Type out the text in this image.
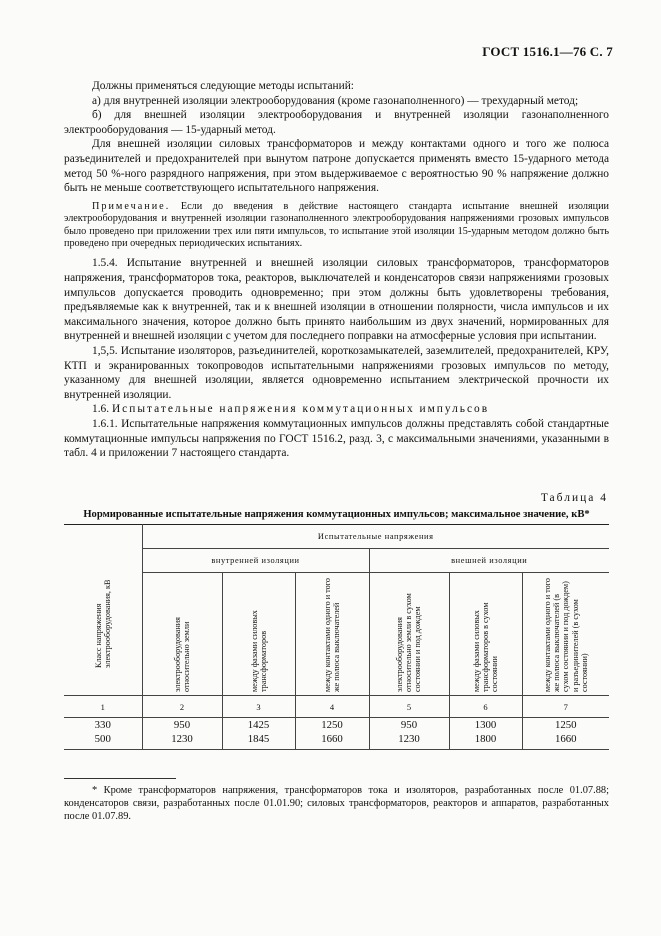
ГОСТ 1516.1—76 С. 7

Должны применяться следующие методы испытаний:

а) для внутренней изоляции электрооборудования (кроме газонаполненного) — трехударный метод;

б) для внешней изоляции электрооборудования и внутренней изоляции газонаполненного электрооборудования — 15-ударный метод.

Для внешней изоляции силовых трансформаторов и между контактами одного и того же полюса разъединителей и предохранителей при вынутом патроне допускается применять вместо 15-ударного метода метод 50 %-ного разрядного напряжения, при этом выдерживаемое с вероятностью 90 % напряжение должно быть не меньше соответствующего испытательного напряжения.

Примечание. Если до введения в действие настоящего стандарта испытание внешней изоляции электрооборудования и внутренней изоляции газонаполненного электрооборудования напряжениями грозовых импульсов было проведено при приложении трех или пяти импульсов, то испытание этой изоляции 15-ударным методом должно быть проведено при очередных периодических испытаниях.

1.5.4. Испытание внутренней и внешней изоляции силовых трансформаторов, трансформаторов напряжения, трансформаторов тока, реакторов, выключателей и конденсаторов связи напряжениями грозовых импульсов допускается проводить одновременно; при этом должны быть удовлетворены требования, предъявляемые как к внутренней, так и к внешней изоляции в отношении полярности, числа импульсов и их максимального значения, которое должно быть принято наибольшим из двух значений, нормированных для внутренней и внешней изоляции с учетом для последнего поправки на атмосферные условия при испытании.

1,5,5. Испытание изоляторов, разъединителей, короткозамыкателей, заземлителей, предохранителей, КРУ, КТП и экранированных токопроводов испытательными напряжениями грозовых импульсов по методу, указанному для внешней изоляции, является одновременно испытанием электрической прочности их внутренней изоляции.

1.6. Испытательные напряжения коммутационных импульсов

1.6.1. Испытательные напряжения коммутационных импульсов должны представлять собой стандартные коммутационные импульсы напряжения по ГОСТ 1516.2, разд. 3, с максимальными значениями, указанными в табл. 4 и приложении 7 настоящего стандарта.

Таблица 4
Нормированные испытательные напряжения коммутационных импульсов; максимальное значение, кВ*
Класс напряжения электрооборудования, кВ	Испытательные напряжения					
	внутренней изоляции			внешней изоляции		

	электрооборудования относительно земли	между фазами силовых трансформаторов	между контактами одного и того же полюса выключателей	электрооборудования относительно земли в сухом состоянии и под дождем	между фазами силовых трансформаторов в сухом состоянии	между контактами одного и того же полюса выключателей (в сухом состоянии и под дождем) и разъединителей (в сухом состоянии)

1	2	3	4	5	6	7
330	950	1425	1250	950	1300	1250
500	1230	1845	1660	1230	1800	1660
* Кроме трансформаторов напряжения, трансформаторов тока и изоляторов, разработанных после 01.07.88; конденсаторов связи, разработанных после 01.01.90; силовых трансформаторов, реакторов и аппаратов, разработанных после 01.07.89.
